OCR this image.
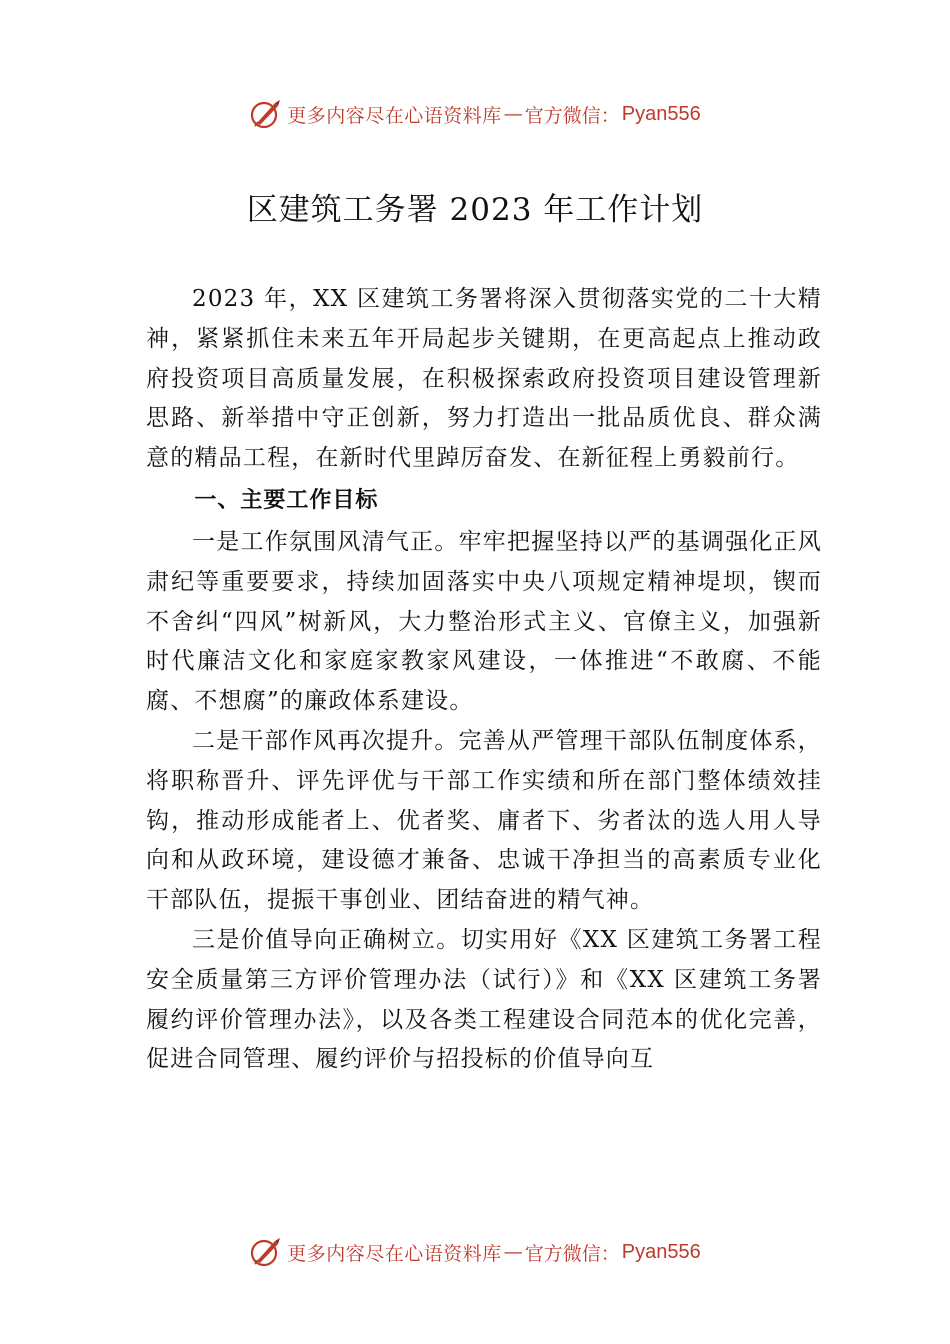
更多内容尽在心语资料库 — 官方微信： Pyan556
区建筑工务署 2023 年工作计划

2023 年，XX 区建筑工务署将深入贯彻落实党的二十大精神，紧紧抓住未来五年开局起步关键期，在更高起点上推动政府投资项目高质量发展，在积极探索政府投资项目建设管理新思路、新举措中守正创新，努力打造出一批品质优良、群众满意的精品工程，在新时代里踔厉奋发、在新征程上勇毅前行。

一、主要工作目标

一是工作氛围风清气正。牢牢把握坚持以严的基调强化正风肃纪等重要要求，持续加固落实中央八项规定精神堤坝，锲而不舍纠“四风”树新风，大力整治形式主义、官僚主义，加强新时代廉洁文化和家庭家教家风建设，一体推进“不敢腐、不能腐、不想腐”的廉政体系建设。

二是干部作风再次提升。完善从严管理干部队伍制度体系，将职称晋升、评先评优与干部工作实绩和所在部门整体绩效挂钩，推动形成能者上、优者奖、庸者下、劣者汰的选人用人导向和从政环境，建设德才兼备、忠诚干净担当的高素质专业化干部队伍，提振干事创业、团结奋进的精气神。

三是价值导向正确树立。切实用好《XX 区建筑工务署工程安全质量第三方评价管理办法（试行）》和《XX 区建筑工务署履约评价管理办法》，以及各类工程建设合同范本的优化完善，促进合同管理、履约评价与招投标的价值导向互

更多内容尽在心语资料库 — 官方微信： Pyan556
